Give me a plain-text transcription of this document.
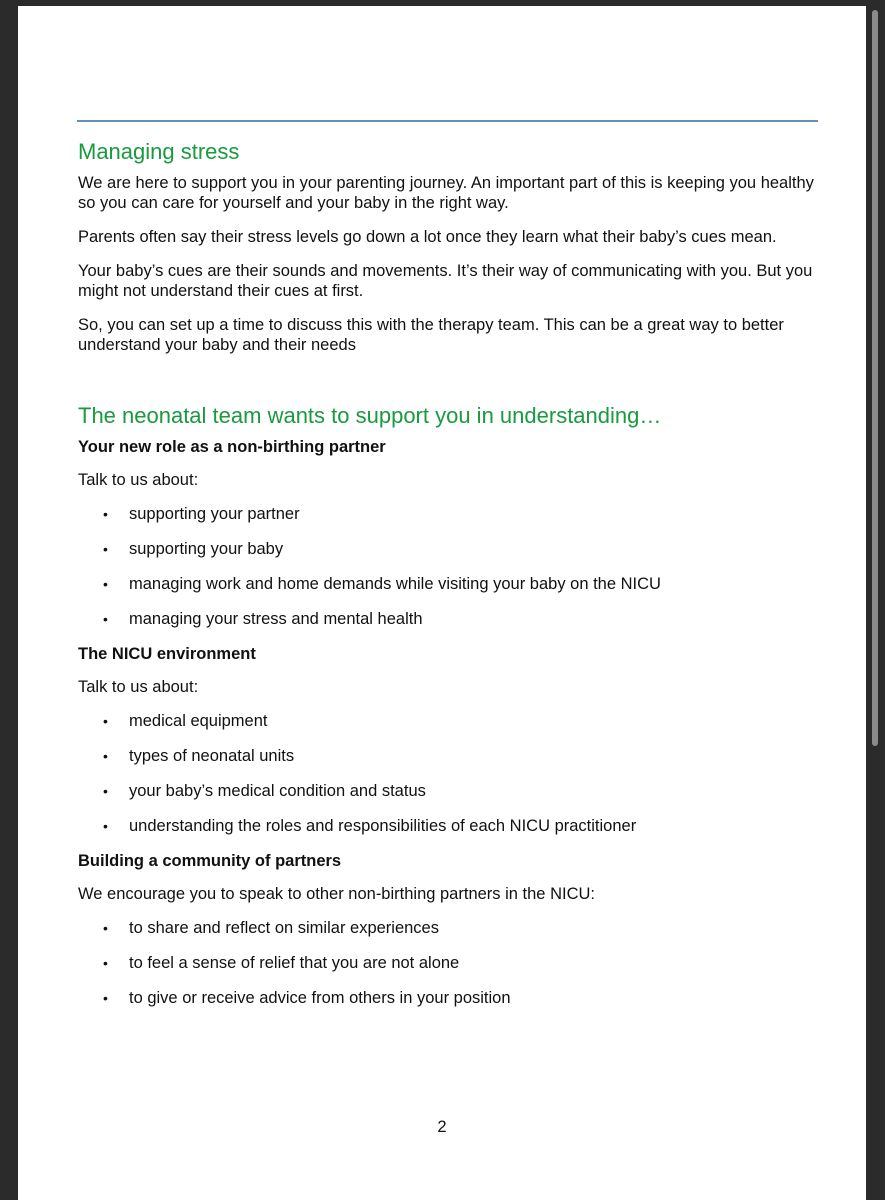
Managing stress

We are here to support you in your parenting journey. An important part of this is keeping you healthy so you can care for yourself and your baby in the right way.

Parents often say their stress levels go down a lot once they learn what their baby’s cues mean.

Your baby’s cues are their sounds and movements. It’s their way of communicating with you. But you might not understand their cues at first.

So, you can set up a time to discuss this with the therapy team. This can be a great way to better understand your baby and their needs

The neonatal team wants to support you in understanding…
Your new role as a non-birthing partner

Talk to us about:

• supporting your partner
• supporting your baby
• managing work and home demands while visiting your baby on the NICU
• managing your stress and mental health
The NICU environment

Talk to us about:

• medical equipment
• types of neonatal units
• your baby’s medical condition and status
• understanding the roles and responsibilities of each NICU practitioner
Building a community of partners

We encourage you to speak to other non-birthing partners in the NICU:

• to share and reflect on similar experiences
• to feel a sense of relief that you are not alone
• to give or receive advice from others in your position
2
